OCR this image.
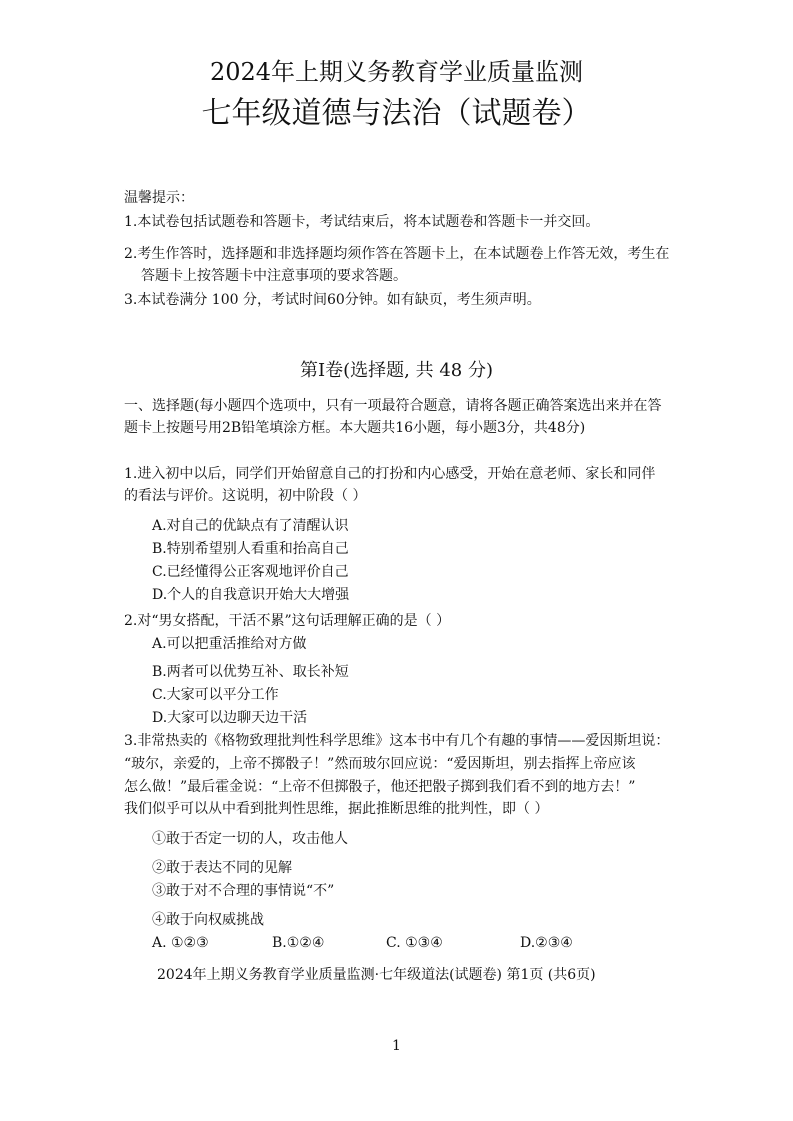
2024年上期义务教育学业质量监测
七年级道德与法治（试题卷）
温馨提示：
1.本试卷包括试题卷和答题卡，考试结束后，将本试题卷和答题卡一并交回。
2.考生作答时，选择题和非选择题均须作答在答题卡上，在本试题卷上作答无效，考生在
答题卡上按答题卡中注意事项的要求答题。
3.本试卷满分 100 分，考试时间60分钟。如有缺页，考生须声明。
第Ⅰ卷(选择题, 共 48 分)
一、选择题(每小题四个选项中，只有一项最符合题意，请将各题正确答案选出来并在答
题卡上按题号用2B铅笔填涂方框。本大题共16小题，每小题3分，共48分)
1.进入初中以后，同学们开始留意自己的打扮和内心感受，开始在意老师、家长和同伴
的看法与评价。这说明，初中阶段（ ）
A.对自己的优缺点有了清醒认识
B.特别希望别人看重和抬高自己
C.已经懂得公正客观地评价自己
D.个人的自我意识开始大大增强
2.对“男女搭配，干活不累”这句话理解正确的是（ ）
A.可以把重活推给对方做
B.两者可以优势互补、取长补短
C.大家可以平分工作
D.大家可以边聊天边干活
3.非常热卖的《格物致理批判性科学思维》这本书中有几个有趣的事情——爱因斯坦说：
“玻尔，亲爱的，上帝不掷骰子！”然而玻尔回应说：“爱因斯坦，别去指挥上帝应该
怎么做！”最后霍金说：“上帝不但掷骰子，他还把骰子掷到我们看不到的地方去！”
我们似乎可以从中看到批判性思维，据此推断思维的批判性，即（ ）
①敢于否定一切的人，攻击他人
②敢于表达不同的见解
③敢于对不合理的事情说“不”
④敢于向权威挑战
A. ①②③	B.①②④	C. ①③④	D.②③④
2024年上期义务教育学业质量监测·七年级道法(试题卷) 第1页 (共6页)
1
